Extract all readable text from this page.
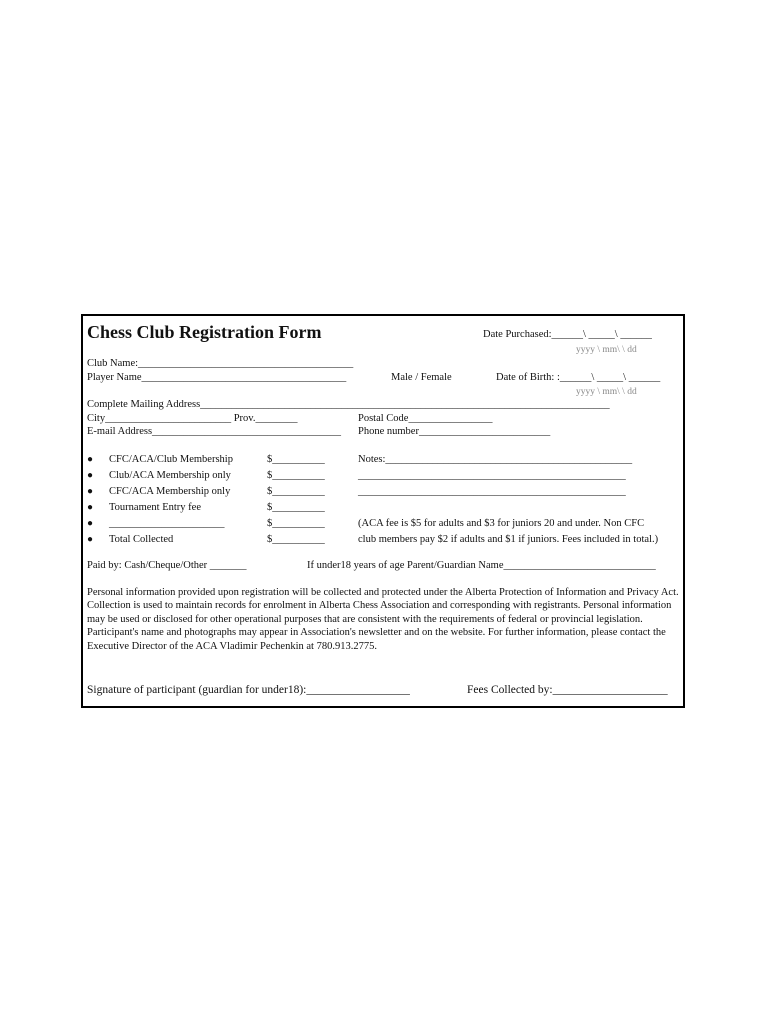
Chess Club Registration Form	Date Purchased:______\ _____\ ______
yyyy \ mm\ \ dd
Club Name:_________________________________________
Player Name_______________________________________	Male / Female	Date of Birth: :______\ _____\ ______
yyyy \ mm\ \ dd
Complete Mailing Address______________________________________________________________________________
City________________________ Prov.________	Postal Code________________
E-mail Address____________________________________ Phone number_________________________
● CFC/ACA/Club Membership	$__________
● Club/ACA Membership only	$__________
● CFC/ACA Membership only	$__________
● Tournament Entry fee	$__________
● ______________________	$__________
● Total Collected	$__________
Notes:_______________________________________________
___________________________________________________
___________________________________________________
(ACA fee is $5 for adults and $3 for juniors 20 and under. Non CFC
club members pay $2 if adults and $1 if juniors. Fees included in total.)
Paid by: Cash/Cheque/Other _______	If under18 years of age Parent/Guardian Name_____________________________
Personal information provided upon registration will be collected and protected under the Alberta Protection of Information and Privacy Act. Collection is used to maintain records for enrolment in Alberta Chess Association and corresponding with registrants. Personal information may be used or disclosed for other operational purposes that are consistent with the requirements of federal or provincial legislation. Participant's name and photographs may appear in Association's newsletter and on the website. For further information, please contact the Executive Director of the ACA Vladimir Pechenkin at 780.913.2775.
Signature of participant (guardian for under18):__________________	Fees Collected by:____________________
